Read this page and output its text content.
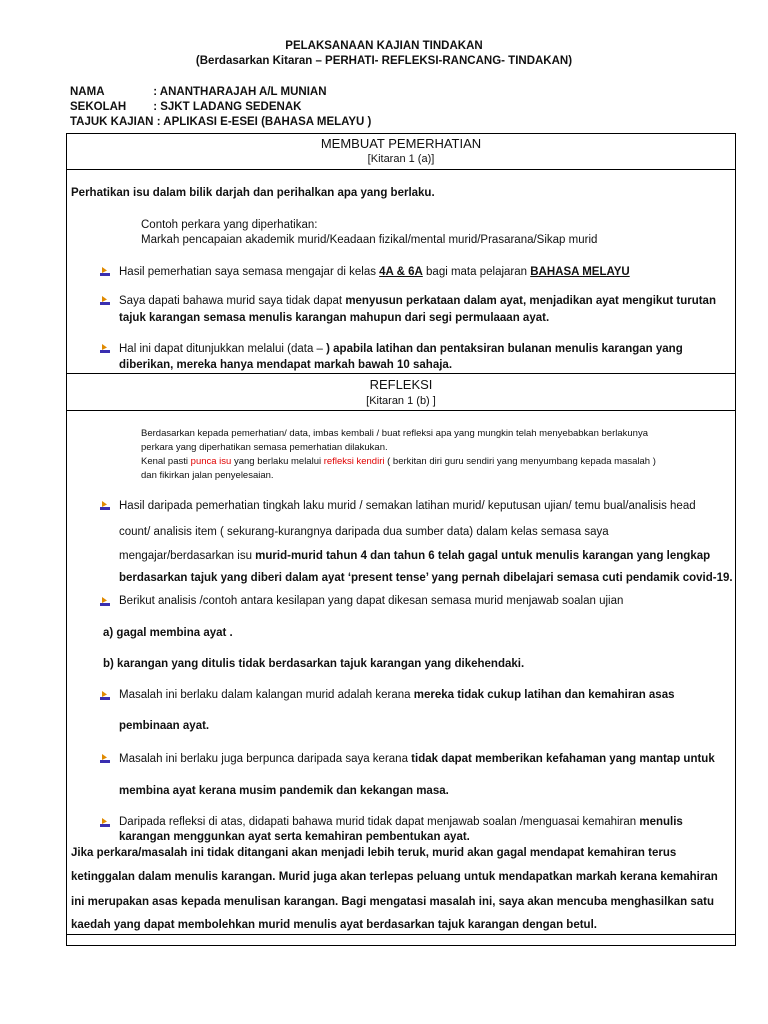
PELAKSANAAN KAJIAN TINDAKAN
(Berdasarkan Kitaran – PERHATI- REFLEKSI-RANCANG- TINDAKAN)
NAMA	: ANANTHARAJAH A/L MUNIAN
SEKOLAH : SJKT LADANG SEDENAK
TAJUK KAJIAN : APLIKASI E-ESEI (BAHASA MELAYU )
MEMBUAT PEMERHATIAN
[Kitaran 1 (a)]
Perhatikan isu dalam bilik darjah dan perihalkan apa yang berlaku.
Contoh perkara yang diperhatikan:
Markah pencapaian akademik murid/Keadaan fizikal/mental murid/Prasarana/Sikap murid
Hasil pemerhatian saya semasa mengajar di kelas 4A & 6A bagi mata pelajaran BAHASA MELAYU
Saya dapati bahawa murid saya tidak dapat menyusun perkataan dalam ayat, menjadikan ayat mengikut turutan
tajuk karangan semasa menulis karangan mahupun dari segi permulaaan ayat.
Hal ini dapat ditunjukkan melalui (data – ) apabila latihan dan pentaksiran bulanan menulis karangan yang
diberikan, mereka hanya mendapat markah bawah 10 sahaja.
REFLEKSI
[Kitaran 1 (b) ]
Berdasarkan kepada pemerhatian/ data, imbas kembali / buat refleksi apa yang mungkin telah menyebabkan berlakunya
perkara yang diperhatikan semasa pemerhatian dilakukan.
Kenal pasti punca isu yang berlaku melalui refleksi kendiri ( berkitan diri guru sendiri yang menyumbang kepada masalah )
dan fikirkan jalan penyelesaian.
Hasil daripada pemerhatian tingkah laku murid / semakan latihan murid/ keputusan ujian/ temu bual/analisis head
count/ analisis item ( sekurang-kurangnya daripada dua sumber data) dalam kelas semasa saya
mengajar/berdasarkan isu murid-murid tahun 4 dan tahun 6 telah gagal untuk menulis karangan yang lengkap
berdasarkan tajuk yang diberi dalam ayat ‘present tense’ yang pernah dibelajari semasa cuti pendamik covid-19.
Berikut analisis /contoh antara kesilapan yang dapat dikesan semasa murid menjawab soalan ujian
a) gagal membina ayat .
b) karangan yang ditulis tidak berdasarkan tajuk karangan yang dikehendaki.
Masalah ini berlaku dalam kalangan murid adalah kerana mereka tidak cukup latihan dan kemahiran asas
pembinaan ayat.
Masalah ini berlaku juga berpunca daripada saya kerana tidak dapat memberikan kefahaman yang mantap untuk
membina ayat kerana musim pandemik dan kekangan masa.
Daripada refleksi di atas, didapati bahawa murid tidak dapat menjawab soalan /menguasai kemahiran menulis
karangan menggunkan ayat serta kemahiran pembentukan ayat.
Jika perkara/masalah ini tidak ditangani akan menjadi lebih teruk, murid akan gagal mendapat kemahiran terus
ketinggalan dalam menulis karangan. Murid juga akan terlepas peluang untuk mendapatkan markah kerana kemahiran
ini merupakan asas kepada menulisan karangan. Bagi mengatasi masalah ini, saya akan mencuba menghasilkan satu
kaedah yang dapat membolehkan murid menulis ayat berdasarkan tajuk karangan dengan betul.
